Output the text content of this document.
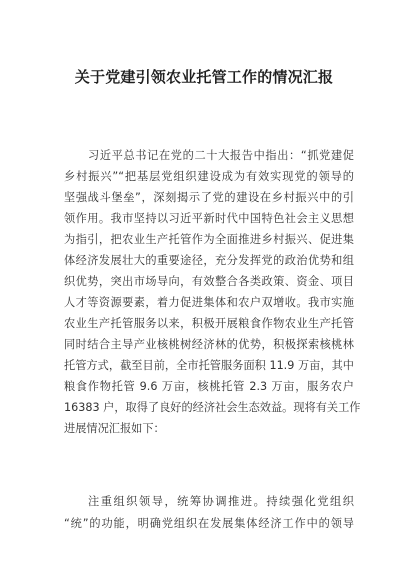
关于党建引领农业托管工作的情况汇报
习近平总书记在党的二十大报告中指出：“抓党建促
乡村振兴”“把基层党组织建设成为有效实现党的领导的
坚强战斗堡垒”，深刻揭示了党的建设在乡村振兴中的引
领作用。我市坚持以习近平新时代中国特色社会主义思想
为指引，把农业生产托管作为全面推进乡村振兴、促进集
体经济发展壮大的重要途径，充分发挥党的政治优势和组
织优势，突出市场导向，有效整合各类政策、资金、项目
人才等资源要素，着力促进集体和农户双增收。我市实施
农业生产托管服务以来，积极开展粮食作物农业生产托管
同时结合主导产业核桃树经济林的优势，积极探索核桃林
托管方式，截至目前，全市托管服务面积 11.9 万亩，其中
粮食作物托管 9.6 万亩，核桃托管 2.3 万亩，服务农户
16383 户，取得了良好的经济社会生态效益。现将有关工作
进展情况汇报如下：
注重组织领导，统筹协调推进。持续强化党组织
“统”的功能，明确党组织在发展集体经济工作中的领导
